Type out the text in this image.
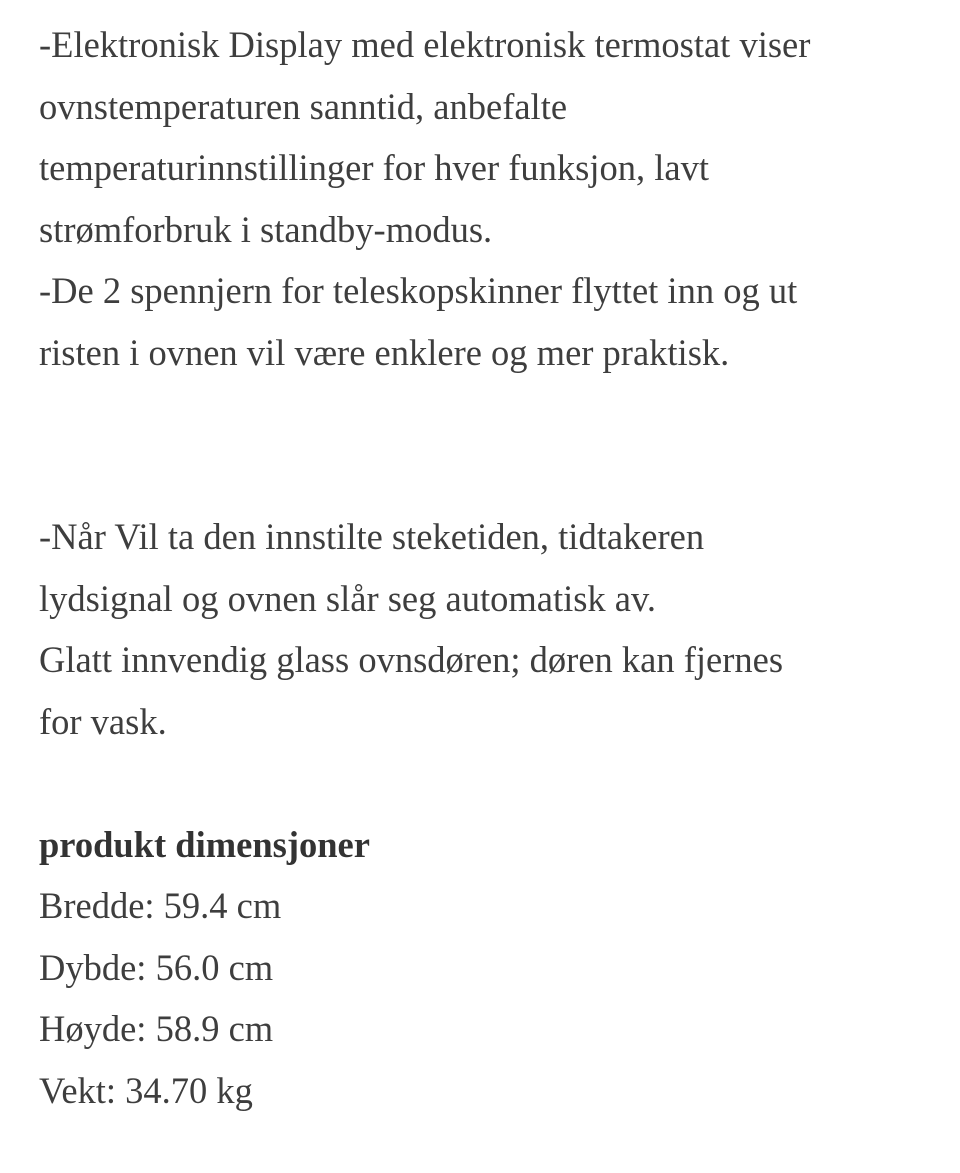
-Elektronisk Display med elektronisk termostat viser
ovnstemperaturen sanntid, anbefalte
temperaturinnstillinger for hver funksjon, lavt
strømforbruk i standby-modus.
-De 2 spennjern for teleskopskinner flyttet inn og ut
risten i ovnen vil være enklere og mer praktisk.
-Når Vil ta den innstilte steketiden, tidtakeren
lydsignal og ovnen slår seg automatisk av.
Glatt innvendig glass ovnsdøren; døren kan fjernes
for vask.
produkt dimensjoner
Bredde: 59.4 cm
Dybde: 56.0 cm
Høyde: 58.9 cm
Vekt: 34.70 kg
